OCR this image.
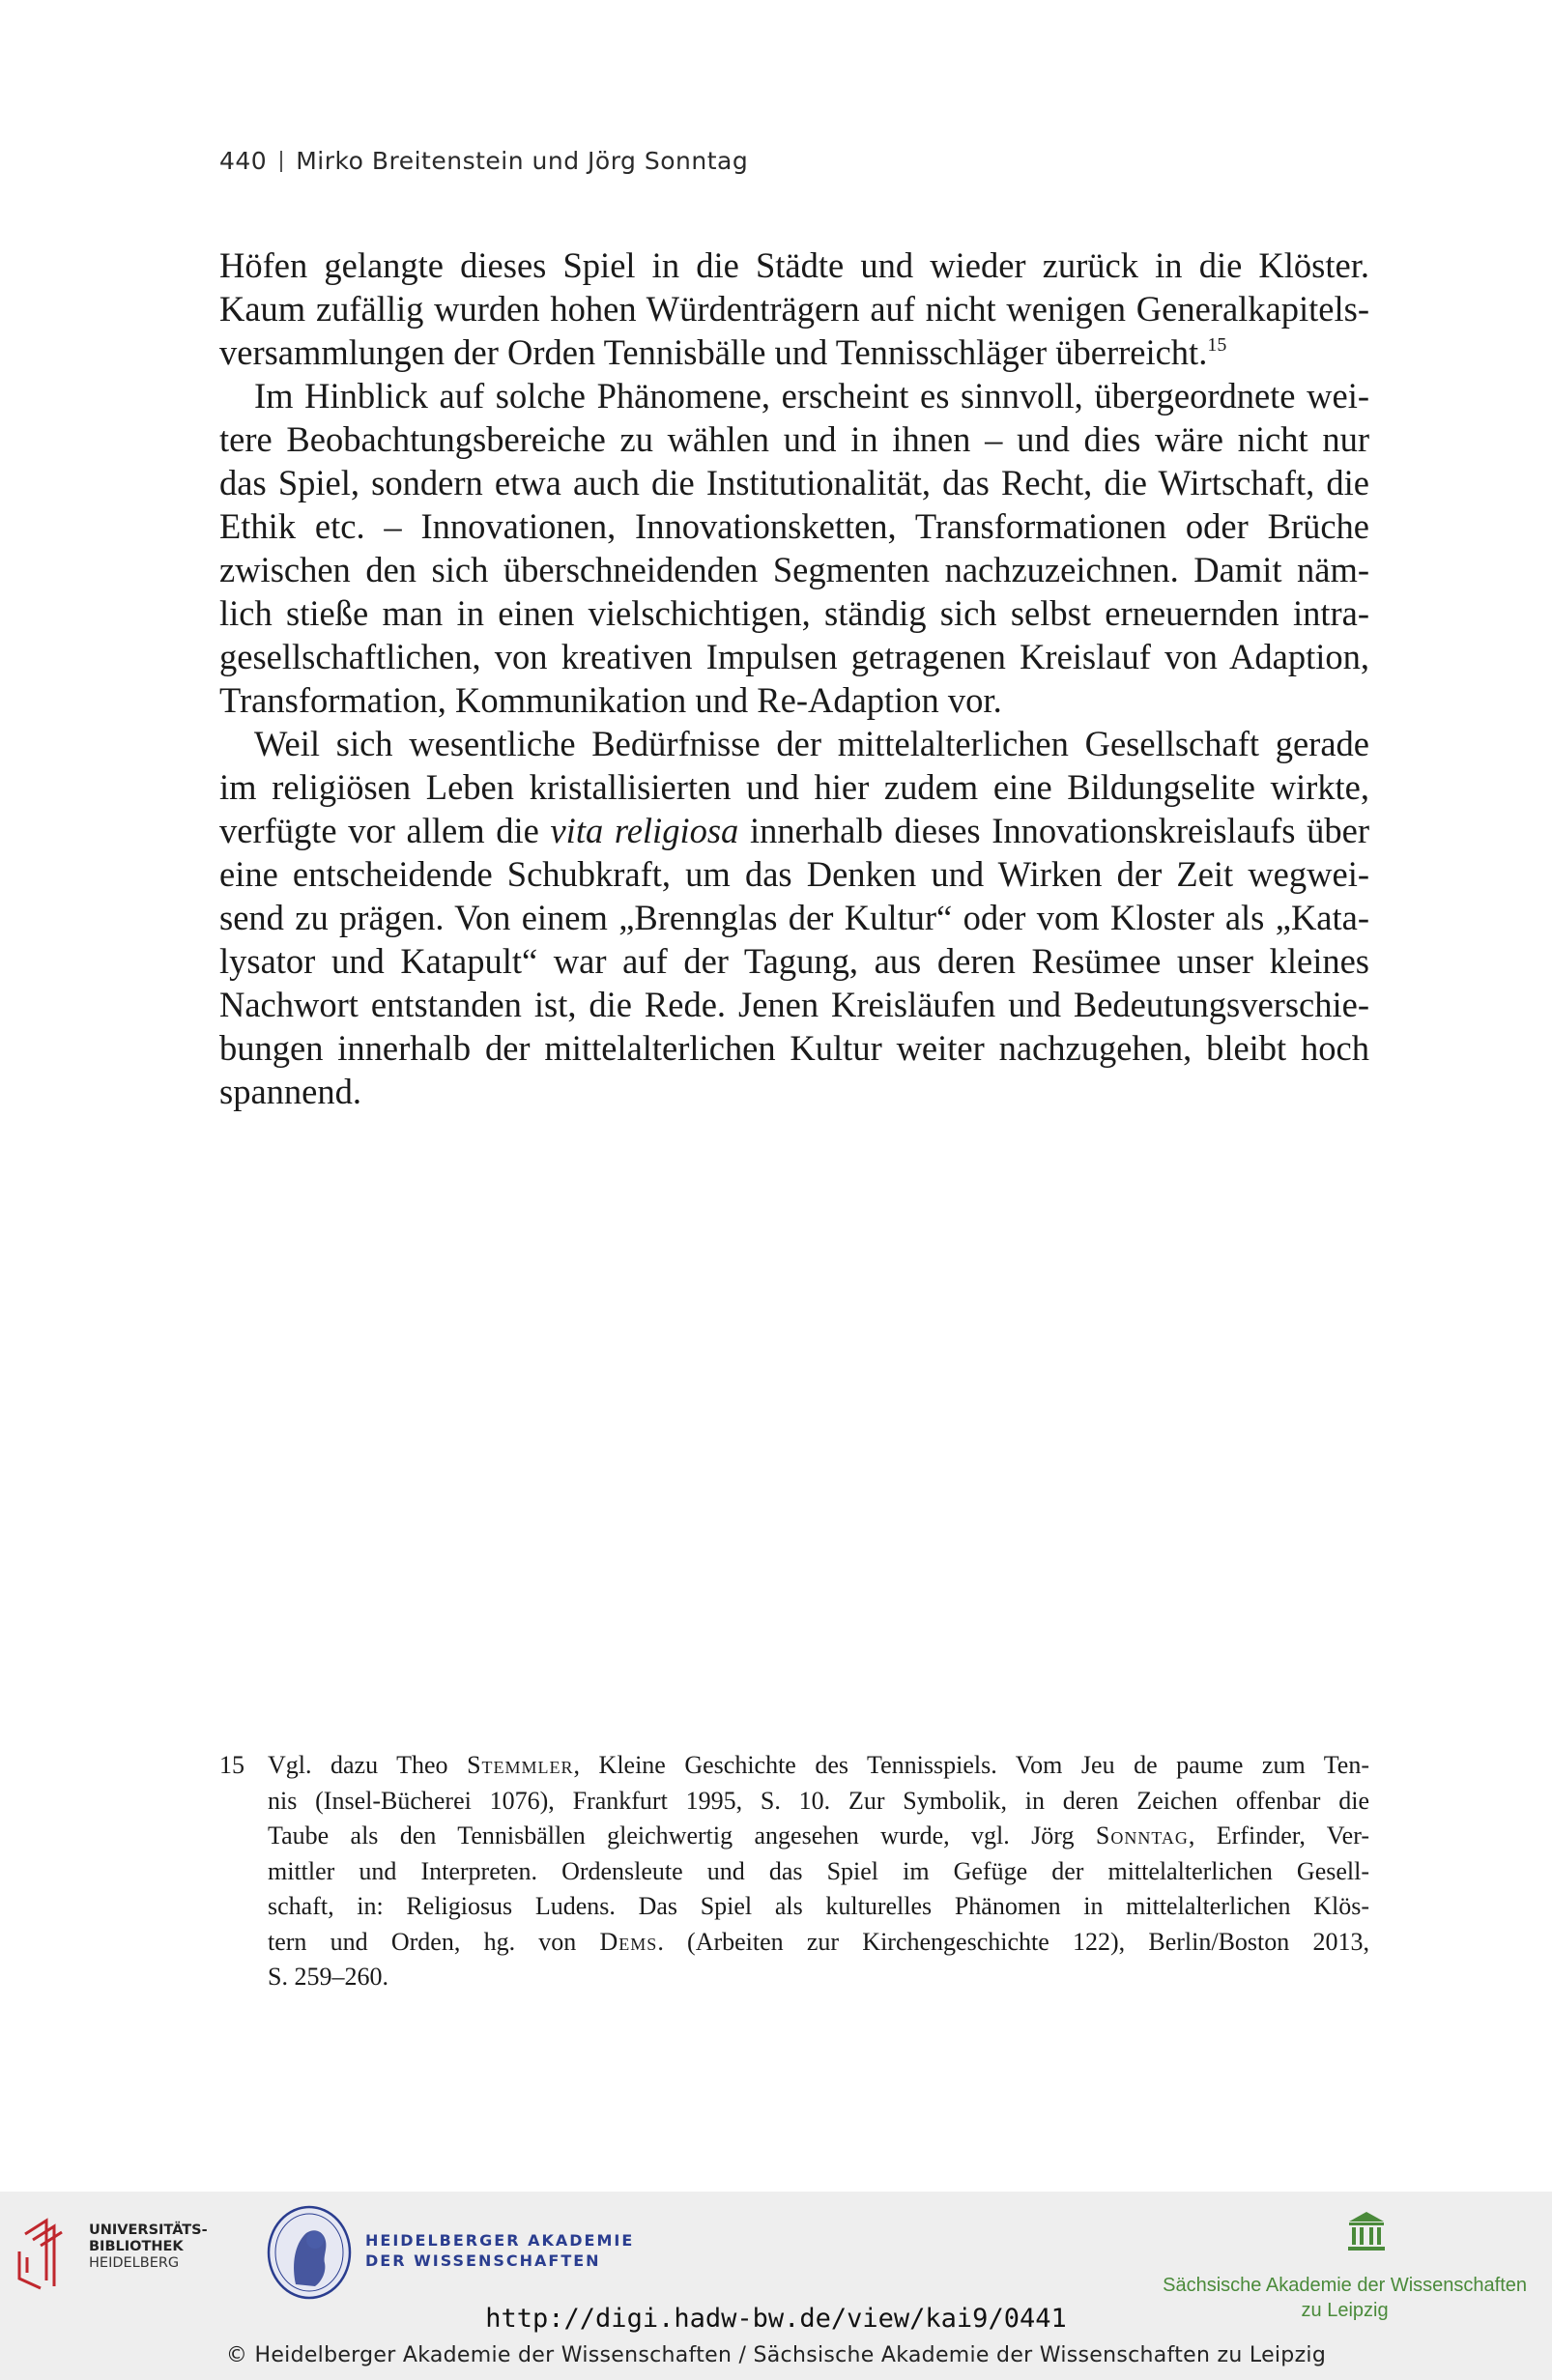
440 Mirko Breitenstein und Jörg Sonntag
Höfen gelangte dieses Spiel in die Städte und wieder zurück in die Klöster.
Kaum zufällig wurden hohen Würdenträgern auf nicht wenigen Generalkapitels-
versammlungen der Orden Tennisbälle und Tennisschläger überreicht.$^{15}$
Im Hinblick auf solche Phänomene, erscheint es sinnvoll, übergeordnete wei-
tere Beobachtungsbereiche zu wählen und in ihnen – und dies wäre nicht nur
das Spiel, sondern etwa auch die Institutionalität, das Recht, die Wirtschaft, die
Ethik etc. – Innovationen, Innovationsketten, Transformationen oder Brüche
zwischen den sich überschneidenden Segmenten nachzuzeichnen. Damit näm-
lich stieße man in einen vielschichtigen, ständig sich selbst erneuernden intra-
gesellschaftlichen, von kreativen Impulsen getragenen Kreislauf von Adaption,
Transformation, Kommunikation und Re-Adaption vor.
Weil sich wesentliche Bedürfnisse der mittelalterlichen Gesellschaft gerade
im religiösen Leben kristallisierten und hier zudem eine Bildungselite wirkte,
verfügte vor allem die vita religiosa innerhalb dieses Innovationskreislaufs über
eine entscheidende Schubkraft, um das Denken und Wirken der Zeit wegwei-
send zu prägen. Von einem „Brennglas der Kultur“ oder vom Kloster als „Kata-
lysator und Katapult“ war auf der Tagung, aus deren Resümee unser kleines
Nachwort entstanden ist, die Rede. Jenen Kreisläufen und Bedeutungsverschie-
bungen innerhalb der mittelalterlichen Kultur weiter nachzugehen, bleibt hoch
spannend.
15 Vgl. dazu Theo Stemmler, Kleine Geschichte des Tennisspiels. Vom Jeu de paume zum Ten-
nis (Insel-Bücherei 1076), Frankfurt 1995, S. 10. Zur Symbolik, in deren Zeichen offenbar die
Taube als den Tennisbällen gleichwertig angesehen wurde, vgl. Jörg Sonntag, Erfinder, Ver-
mittler und Interpreten. Ordensleute und das Spiel im Gefüge der mittelalterlichen Gesell-
schaft, in: Religiosus Ludens. Das Spiel als kulturelles Phänomen in mittelalterlichen Klös-
tern und Orden, hg. von Dems. (Arbeiten zur Kirchengeschichte 122), Berlin/Boston 2013,
S. 259–260.
UNIVERSITÄTS-
BIBLIOTHEK
HEIDELBERG
HEIDELBERGER AKADEMIE
DER WISSENSCHAFTEN
Sächsische Akademie der Wissenschaften
zu Leipzig
http://digi.hadw-bw.de/view/kai9/0441
© Heidelberger Akademie der Wissenschaften / Sächsische Akademie der Wissenschaften zu Leipzig
